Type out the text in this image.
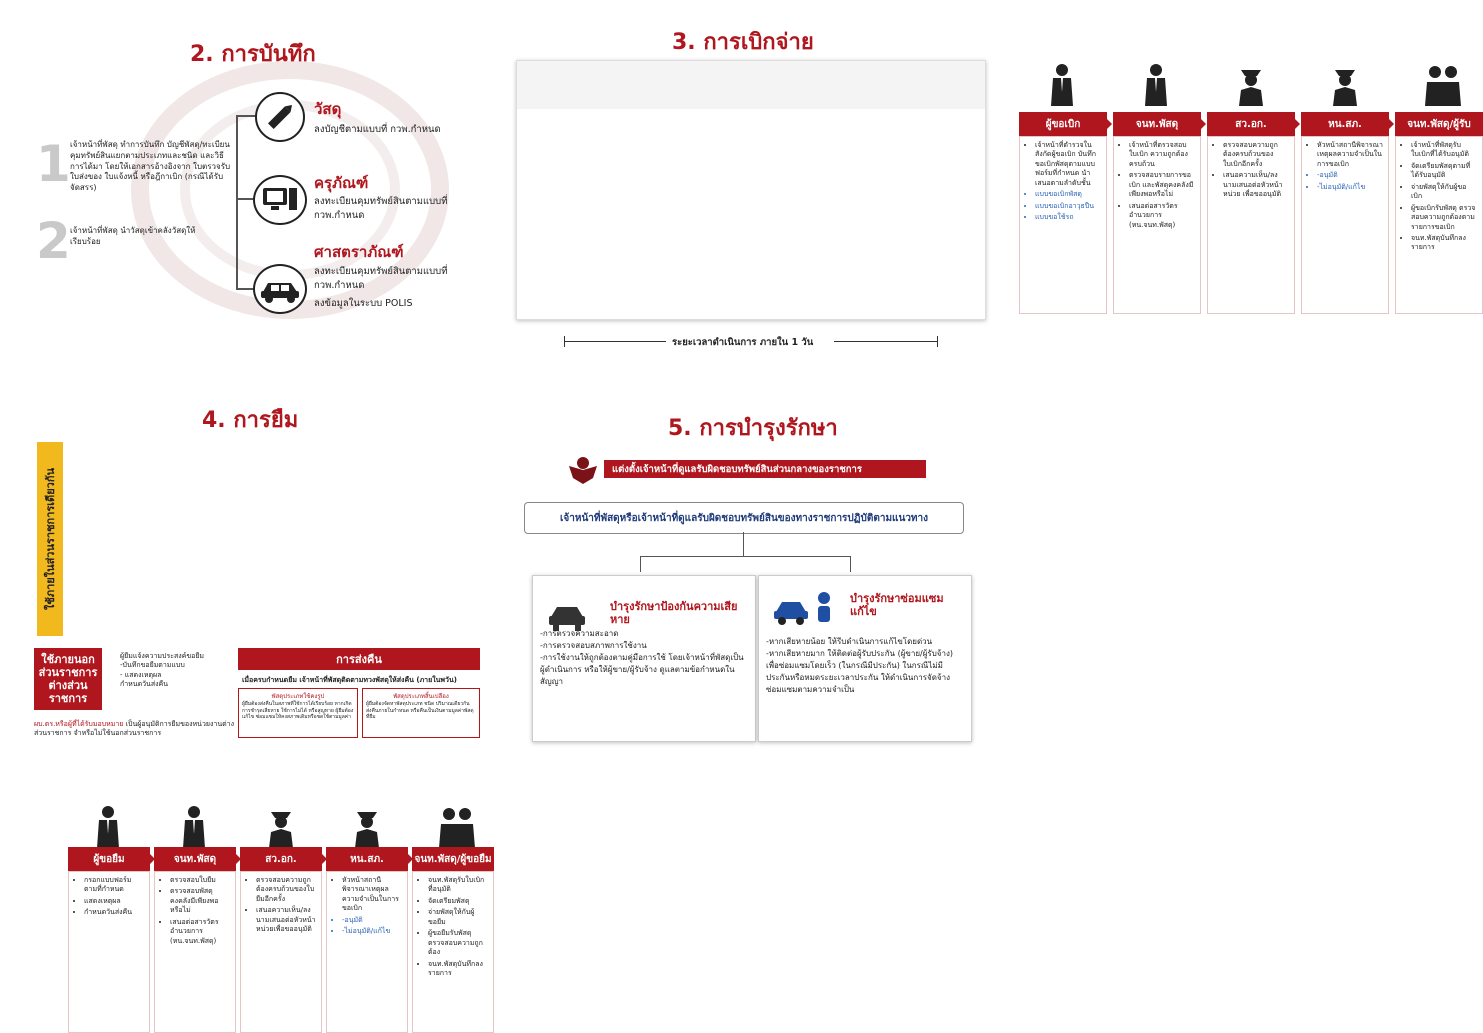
2. การบันทึก
1 เจ้าหน้าที่พัสดุ ทำการบันทึก บัญชีพัสดุ/ทะเบียนคุมทรัพย์สินแยกตามประเภทและชนิด และวิธีการได้มา โดยให้เอกสารอ้างอิงจาก ใบตรวจรับ ใบส่งของ ใบแจ้งหนี้ หรือฎีกาเบิก (กรณีได้รับจัดสรร)
2 เจ้าหน้าที่พัสดุ นำวัสดุเข้าคลังวัสดุให้เรียบร้อย
วัสดุ
ลงบัญชีตามแบบที่ กวพ.กำหนด
ครุภัณฑ์
ลงทะเบียนคุมทรัพย์สินตามแบบที่ กวพ.กำหนด
ศาสตราภัณฑ์
ลงทะเบียนคุมทรัพย์สินตามแบบที่ กวพ.กำหนด
ลงข้อมูลในระบบ POLIS
3. การเบิกจ่าย
ผู้ขอเบิก
• เจ้าหน้าที่ตำรวจในสังกัดผู้ขอเบิก บันทึกขอเบิกพัสดุตามแบบฟอร์มที่กำหนด นำเสนอตามลำดับชั้น
• แบบขอเบิกพัสดุ
• แบบขอเบิกอาวุธปืน
• แบบขอใช้รถ
จนท.พัสดุ
• เจ้าหน้าที่ตรวจสอบใบเบิก ความถูกต้องครบถ้วน
• ตรวจสอบรายการขอเบิก และพัสดุคงคลังมีเพียงพอหรือไม่
• เสนอต่อสารวัตรอำนวยการ (หน.จนท.พัสดุ)
สว.อก.
• ตรวจสอบความถูกต้องครบถ้วนของใบเบิกอีกครั้ง
• เสนอความเห็น/ลงนามเสนอต่อหัวหน้าหน่วย เพื่อขออนุมัติ
หน.สภ.
• หัวหน้าสถานีพิจารณาเหตุผลความจำเป็นในการขอเบิก
• -อนุมัติ
• -ไม่อนุมัติ/แก้ไข
จนท.พัสดุ/ผู้รับ
• เจ้าหน้าที่พัสดุรับใบเบิกที่ได้รับอนุมัติ
• จัดเตรียมพัสดุตามที่ได้รับอนุมัติ
• จ่ายพัสดุให้กับผู้ขอเบิก
• ผู้ขอเบิกรับพัสดุ ตรวจสอบความถูกต้องตามรายการขอเบิก
• จนท.พัสดุบันทึกลงรายการ
ระยะเวลาดำเนินการ ภายใน 1 วัน
4. การยืม
ใช้ภายในส่วนราชการเดียวกัน
ผู้ขอยืม
• กรอกแบบฟอร์มตามที่กำหนด
• แสดงเหตุผล
• กำหนดวันส่งคืน
จนท.พัสดุ
• ตรวจสอบใบยืม
• ตรวจสอบพัสดุคงคลังมีเพียงพอหรือไม่
• เสนอต่อสารวัตรอำนวยการ (หน.จนท.พัสดุ)
สว.อก.
• ตรวจสอบความถูกต้องครบถ้วนของใบยืมอีกครั้ง
• เสนอความเห็น/ลงนามเสนอต่อหัวหน้าหน่วยเพื่อขออนุมัติ
หน.สภ.
• หัวหน้าสถานีพิจารณาเหตุผลความจำเป็นในการขอเบิก
• -อนุมัติ
• -ไม่อนุมัติ/แก้ไข
จนท.พัสดุ/ผู้ขอยืม
• จนท.พัสดุรับใบเบิกที่อนุมัติ
• จัดเตรียมพัสดุ
• จ่ายพัสดุให้กับผู้ขอยืม
• ผู้ขอยืมรับพัสดุ ตรวจสอบความถูกต้อง
• จนท.พัสดุบันทึกลงรายการ
ใช้ภายนอกส่วนราชการต่างส่วนราชการ
ผู้ยืมแจ้งความประสงค์ขอยืม
-บันทึกขอยืมตามแบบ
- แสดงเหตุผล
กำหนดวันส่งคืน
ผบ.ตร.หรือผู้ที่ได้รับมอบหมาย เป็นผู้อนุมัติการยืมของหน่วยงานต่างส่วนราชการ จำหรือไม่ใช้นอกส่วนราชการ
การส่งคืน
เมื่อครบกำหนดยืม เจ้าหน้าที่พัสดุติดตามทวงพัสดุให้ส่งคืน (ภายในพวัน)
พัสดุประเภทใช้คงรูป
ผู้ยืมต้องส่งคืนในสภาพที่ใช้การได้เรียบร้อย หากเกิดการชำรุดเสียหาย ใช้การไม่ได้ หรือสูญหาย ผู้ยืมต้องแก้ไข ซ่อมแซมให้คงสภาพเดิมหรือชดใช้ตามมูลค่า
พัสดุประเภทสิ้นเปลือง
ผู้ยืมต้องจัดหาพัสดุประเภท ชนิด ปริมาณเดียวกัน ส่งคืนภายในกำหนด หรือคืนเป็นเงินตามมูลค่าพัสดุที่ยืม
5. การบำรุงรักษา
แต่งตั้งเจ้าหน้าที่ดูแลรับผิดชอบทรัพย์สินส่วนกลางของราชการ
เจ้าหน้าที่พัสดุหรือเจ้าหน้าที่ดูแลรับผิดชอบทรัพย์สินของทางราชการปฏิบัติตามแนวทาง
บำรุงรักษาป้องกันความเสียหาย
-การตรวจความสะอาด
-การตรวจสอบสภาพการใช้งาน
-การใช้งานให้ถูกต้องตามคู่มือการใช้ โดยเจ้าหน้าที่พัสดุเป็นผู้ดำเนินการ หรือให้ผู้ขาย/ผู้รับจ้าง ดูแลตามข้อกำหนดในสัญญา
บำรุงรักษาซ่อมแซมแก้ไข
-หากเสียหายน้อย ให้รีบดำเนินการแก้ไขโดยด่วน
-หากเสียหายมาก ให้ติดต่อผู้รับประกัน (ผู้ขาย/ผู้รับจ้าง) เพื่อซ่อมแซมโดยเร็ว (ในกรณีมีประกัน) ในกรณีไม่มีประกันหรือหมดระยะเวลาประกัน ให้ดำเนินการจัดจ้างซ่อมแซมตามความจำเป็น
